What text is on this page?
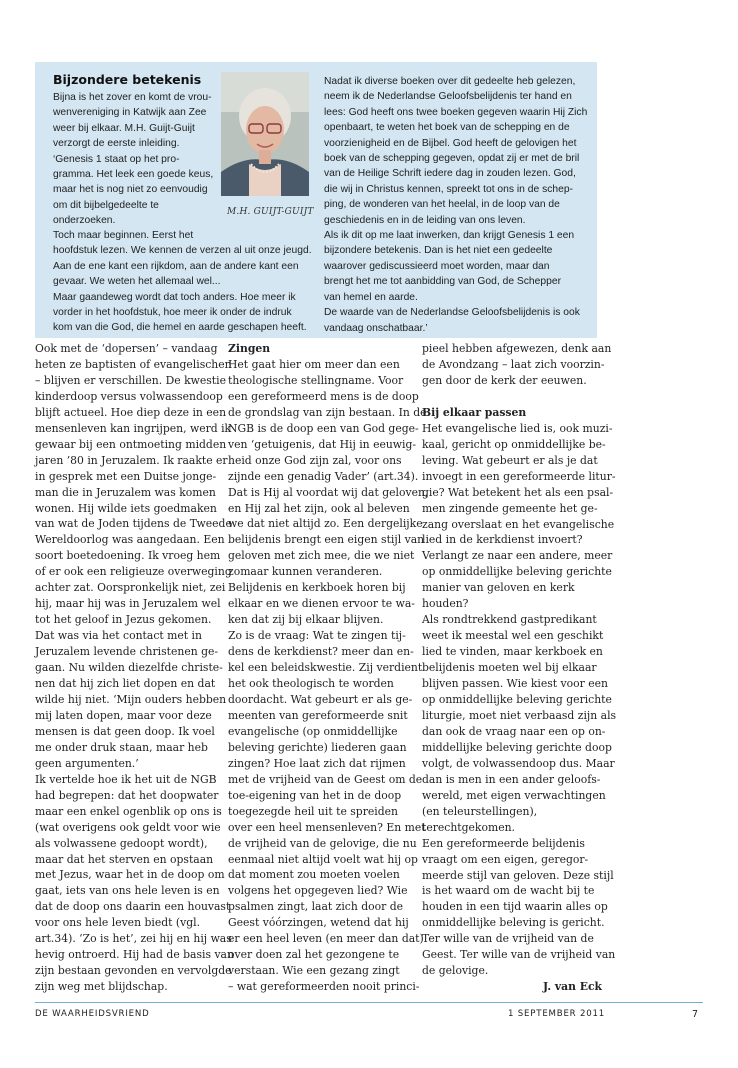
Bijzondere betekenis
Bijna is het zover en komt de vrou-
wenvereniging in Katwijk aan Zee
weer bij elkaar. M.H. Guijt-Guijt
verzorgt de eerste inleiding.
‘Genesis 1 staat op het pro-
gramma. Het leek een goede keus,
maar het is nog niet zo eenvoudig
om dit bijbelgedeelte te
onderzoeken.
Toch maar beginnen. Eerst het
hoofdstuk lezen. We kennen de verzen al uit onze jeugd.
Aan de ene kant een rijkdom, aan de andere kant een
gevaar. We weten het allemaal wel...
Maar gaandeweg wordt dat toch anders. Hoe meer ik
vorder in het hoofdstuk, hoe meer ik onder de indruk
kom van die God, die hemel en aarde geschapen heeft.
M.H. GUIJT-GUIJT
Nadat ik diverse boeken over dit gedeelte heb gelezen,
neem ik de Nederlandse Geloofsbelijdenis ter hand en
lees: God heeft ons twee boeken gegeven waarin Hij Zich
openbaart, te weten het boek van de schepping en de
voorzienigheid en de Bijbel. God heeft de gelovigen het
boek van de schepping gegeven, opdat zij er met de bril
van de Heilige Schrift iedere dag in zouden lezen. God,
die wij in Christus kennen, spreekt tot ons in de schep-
ping, de wonderen van het heelal, in de loop van de
geschiedenis en in de leiding van ons leven.
Als ik dit op me laat inwerken, dan krijgt Genesis 1 een
bijzondere betekenis. Dan is het niet een gedeelte
waarover gediscussieerd moet worden, maar dan
brengt het me tot aanbidding van God, de Schepper
van hemel en aarde.
De waarde van de Nederlandse Geloofsbelijdenis is ook
vandaag onschatbaar.’
Ook met de ‘dopersen’ – vandaag
heten ze baptisten of evangelischen
– blijven er verschillen. De kwestie
kinderdoop versus volwassendoop
blijft actueel. Hoe diep deze in een
mensenleven kan ingrijpen, werd ik
gewaar bij een ontmoeting midden
jaren ’80 in Jeruzalem. Ik raakte er
in gesprek met een Duitse jonge-
man die in Jeruzalem was komen
wonen. Hij wilde iets goedmaken
van wat de Joden tijdens de Tweede
Wereldoorlog was aangedaan. Een
soort boetedoening. Ik vroeg hem
of er ook een religieuze overweging
achter zat. Oorspronkelijk niet, zei
hij, maar hij was in Jeruzalem wel
tot het geloof in Jezus gekomen.
Dat was via het contact met in
Jeruzalem levende christenen ge-
gaan. Nu wilden diezelfde christe-
nen dat hij zich liet dopen en dat
wilde hij niet. ‘Mijn ouders hebben
mij laten dopen, maar voor deze
mensen is dat geen doop. Ik voel
me onder druk staan, maar heb
geen argumenten.’
Ik vertelde hoe ik het uit de NGB
had begrepen: dat het doopwater
maar een enkel ogenblik op ons is
(wat overigens ook geldt voor wie
als volwassene gedoopt wordt),
maar dat het sterven en opstaan
met Jezus, waar het in de doop om
gaat, iets van ons hele leven is en
dat de doop ons daarin een houvast
voor ons hele leven biedt (vgl.
art.34). ‘Zo is het’, zei hij en hij was
hevig ontroerd. Hij had de basis van
zijn bestaan gevonden en vervolgde
zijn weg met blijdschap.
Zingen
Het gaat hier om meer dan een
theologische stellingname. Voor
een gereformeerd mens is de doop
de grondslag van zijn bestaan. In de
NGB is de doop een van God gege-
ven ‘getuigenis, dat Hij in eeuwig-
heid onze God zijn zal, voor ons
zijnde een genadig Vader’ (art.34).
Dat is Hij al voordat wij dat geloven,
en Hij zal het zijn, ook al beleven
we dat niet altijd zo. Een dergelijke
belijdenis brengt een eigen stijl van
geloven met zich mee, die we niet
zomaar kunnen veranderen.
Belijdenis en kerkboek horen bij
elkaar en we dienen ervoor te wa-
ken dat zij bij elkaar blijven.
Zo is de vraag: Wat te zingen tij-
dens de kerkdienst? meer dan en-
kel een beleidskwestie. Zij verdient
het ook theologisch te worden
doordacht. Wat gebeurt er als ge-
meenten van gereformeerde snit
evangelische (op onmiddellijke
beleving gerichte) liederen gaan
zingen? Hoe laat zich dat rijmen
met de vrijheid van de Geest om de
toe-eigening van het in de doop
toegezegde heil uit te spreiden
over een heel mensenleven? En met
de vrijheid van de gelovige, die nu
eenmaal niet altijd voelt wat hij op
dat moment zou moeten voelen
volgens het opgegeven lied? Wie
psalmen zingt, laat zich door de
Geest vóórzingen, wetend dat hij
er een heel leven (en meer dan dat)
over doen zal het gezongene te
verstaan. Wie een gezang zingt
– wat gereformeerden nooit princi-
pieel hebben afgewezen, denk aan
de Avondzang – laat zich voorzin-
gen door de kerk der eeuwen.
Bij elkaar passen
Het evangelische lied is, ook muzi-
kaal, gericht op onmiddellijke be-
leving. Wat gebeurt er als je dat
invoegt in een gereformeerde litur-
gie? Wat betekent het als een psal-
men zingende gemeente het ge-
zang overslaat en het evangelische
lied in de kerkdienst invoert?
Verlangt ze naar een andere, meer
op onmiddellijke beleving gerichte
manier van geloven en kerk
houden?
Als rondtrekkend gastpredikant
weet ik meestal wel een geschikt
lied te vinden, maar kerkboek en
belijdenis moeten wel bij elkaar
blijven passen. Wie kiest voor een
op onmiddellijke beleving gerichte
liturgie, moet niet verbaasd zijn als
dan ook de vraag naar een op on-
middellijke beleving gerichte doop
volgt, de volwassendoop dus. Maar
dan is men in een ander geloofs-
wereld, met eigen verwachtingen
(en teleurstellingen),
terechtgekomen.
Een gereformeerde belijdenis
vraagt om een eigen, geregor-
meerde stijl van geloven. Deze stijl
is het waard om de wacht bij te
houden in een tijd waarin alles op
onmiddellijke beleving is gericht.
Ter wille van de vrijheid van de
Geest. Ter wille van de vrijheid van
de gelovige.
J. van Eck
DE WAARHEIDSVRIEND	1 SEPTEMBER 2011	7
